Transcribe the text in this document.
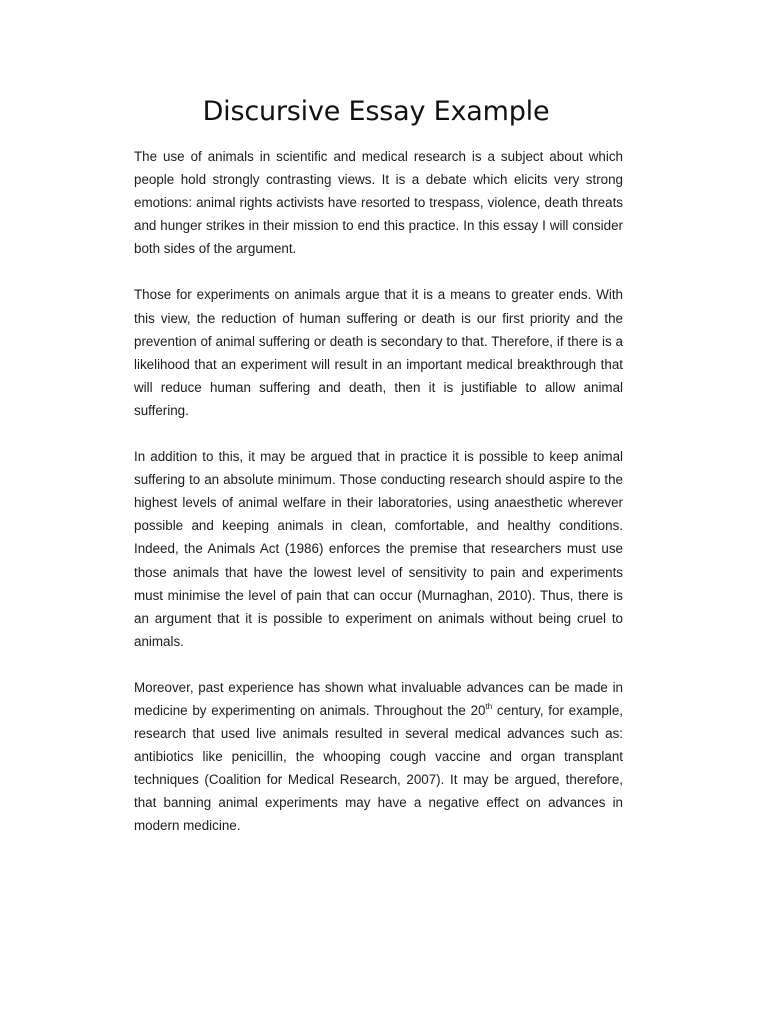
Discursive Essay Example

The use of animals in scientific and medical research is a subject about which people hold strongly contrasting views. It is a debate which elicits very strong emotions: animal rights activists have resorted to trespass, violence, death threats and hunger strikes in their mission to end this practice. In this essay I will consider both sides of the argument.

Those for experiments on animals argue that it is a means to greater ends. With this view, the reduction of human suffering or death is our first priority and the prevention of animal suffering or death is secondary to that. Therefore, if there is a likelihood that an experiment will result in an important medical breakthrough that will reduce human suffering and death, then it is justifiable to allow animal suffering.

In addition to this, it may be argued that in practice it is possible to keep animal suffering to an absolute minimum. Those conducting research should aspire to the highest levels of animal welfare in their laboratories, using anaesthetic wherever possible and keeping animals in clean, comfortable, and healthy conditions. Indeed, the Animals Act (1986) enforces the premise that researchers must use those animals that have the lowest level of sensitivity to pain and experiments must minimise the level of pain that can occur (Murnaghan, 2010). Thus, there is an argument that it is possible to experiment on animals without being cruel to animals.

Moreover, past experience has shown what invaluable advances can be made in medicine by experimenting on animals. Throughout the 20th century, for example, research that used live animals resulted in several medical advances such as: antibiotics like penicillin, the whooping cough vaccine and organ transplant techniques (Coalition for Medical Research, 2007). It may be argued, therefore, that banning animal experiments may have a negative effect on advances in modern medicine.
